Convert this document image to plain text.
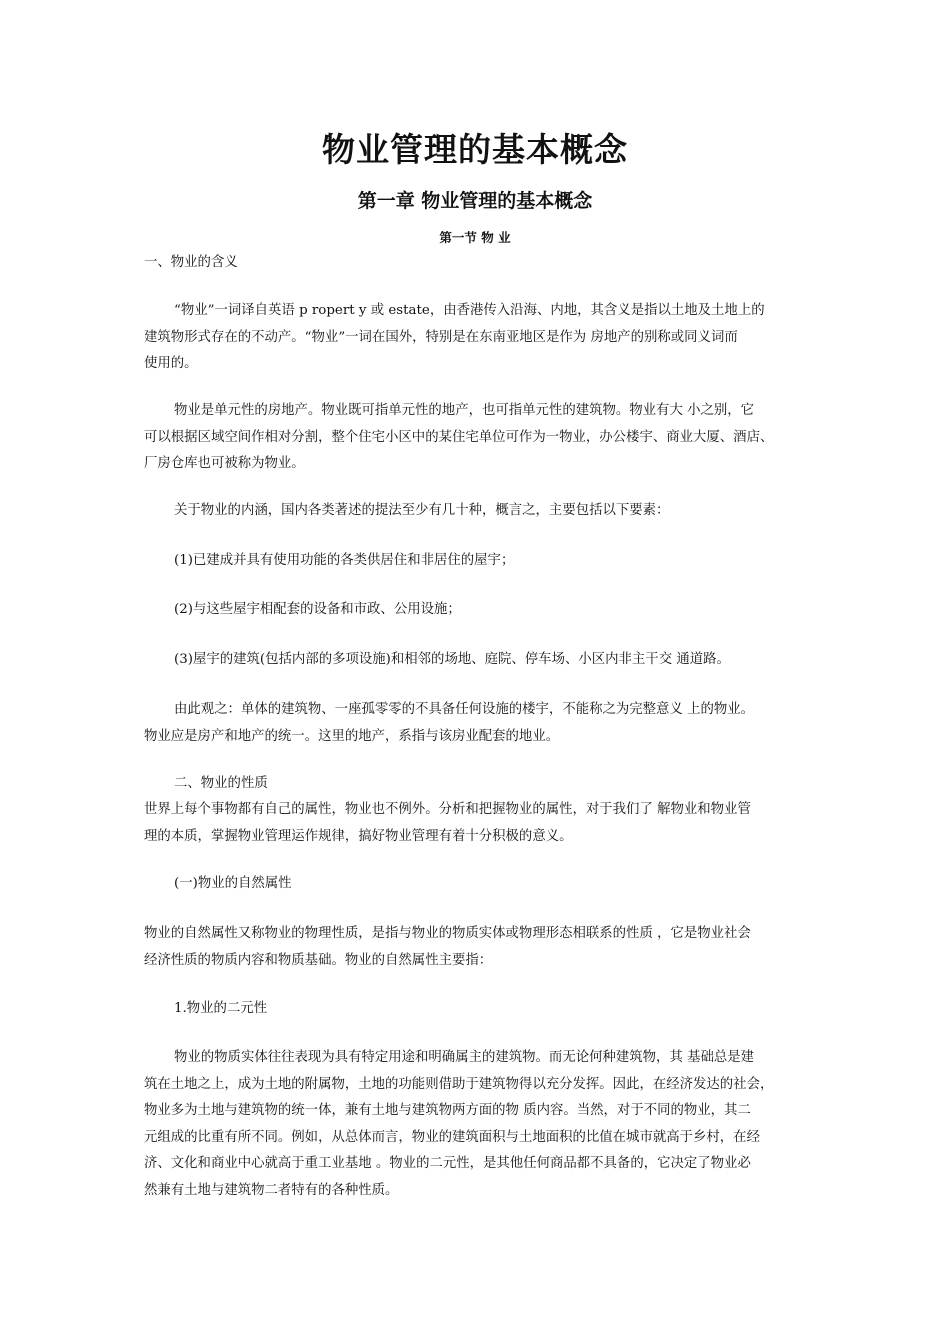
物业管理的基本概念
第一章 物业管理的基本概念
第一节 物 业

一、物业的含义

“物业”一词译自英语 p ropert y 或 estate，由香港传入沿海、内地，其含义是指以土地及土地上的
建筑物形式存在的不动产。“物业”一词在国外，特别是在东南亚地区是作为 房地产的别称或同义词而
使用的。

物业是单元性的房地产。物业既可指单元性的地产，也可指单元性的建筑物。物业有大 小之别，它
可以根据区域空间作相对分割，整个住宅小区中的某住宅单位可作为一物业，办公楼宇、商业大厦、酒店、
厂房仓库也可被称为物业。

关于物业的内涵，国内各类著述的提法至少有几十种，概言之，主要包括以下要素：

(1)已建成并具有使用功能的各类供居住和非居住的屋宇；

(2)与这些屋宇相配套的设备和市政、公用设施；

(3)屋宇的建筑(包括内部的多项设施)和相邻的场地、庭院、停车场、小区内非主干交 通道路。

由此观之：单体的建筑物、一座孤零零的不具备任何设施的楼宇，不能称之为完整意义 上的物业。
物业应是房产和地产的统一。这里的地产，系指与该房业配套的地业。

二、物业的性质

世界上每个事物都有自己的属性，物业也不例外。分析和把握物业的属性，对于我们了 解物业和物业管
理的本质，掌握物业管理运作规律，搞好物业管理有着十分积极的意义。

(一)物业的自然属性

物业的自然属性又称物业的物理性质，是指与物业的物质实体或物理形态相联系的性质 ，它是物业社会
经济性质的物质内容和物质基础。物业的自然属性主要指：

1.物业的二元性

物业的物质实体往往表现为具有特定用途和明确属主的建筑物。而无论何种建筑物，其 基础总是建
筑在土地之上，成为土地的附属物，土地的功能则借助于建筑物得以充分发挥。因此，在经济发达的社会，
物业多为土地与建筑物的统一体，兼有土地与建筑物两方面的物 质内容。当然，对于不同的物业，其二
元组成的比重有所不同。例如，从总体而言，物业的建筑面积与土地面积的比值在城市就高于乡村，在经
济、文化和商业中心就高于重工业基地 。物业的二元性，是其他任何商品都不具备的，它决定了物业必
然兼有土地与建筑物二者特有的各种性质。
